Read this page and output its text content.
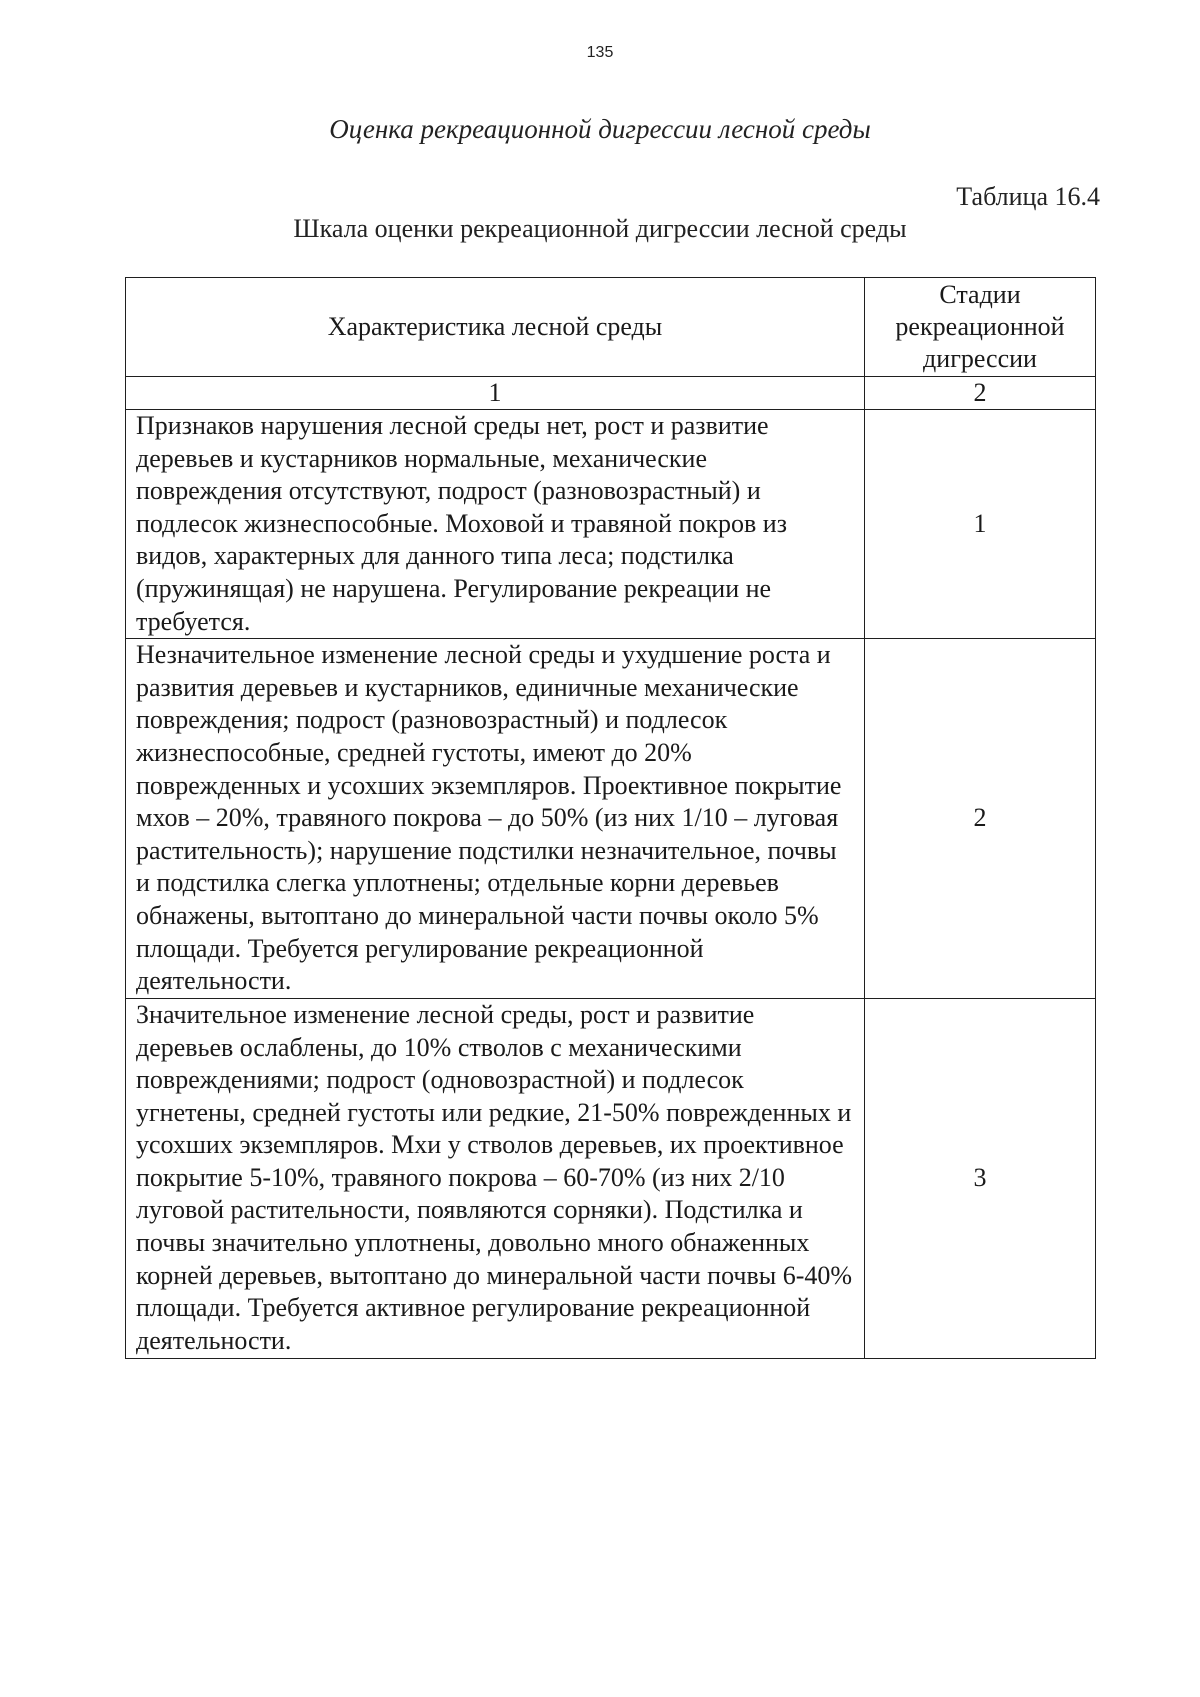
135
Оценка рекреационной дигрессии лесной среды
Таблица 16.4
Шкала оценки рекреационной дигрессии лесной среды
Характеристика лесной среды	Стадии рекреационной дигрессии
1	2
Признаков нарушения лесной среды нет, рост и развитие деревьев и кустарников нормальные, механические повреждения отсутствуют, подрост (разновозрастный) и подлесок жизнеспособные. Моховой и травяной покров из видов, характерных для данного типа леса; подстилка (пружинящая) не нарушена. Регулирование рекреации не требуется.	1
Незначительное изменение лесной среды и ухудшение роста и развития деревьев и кустарников, единичные механические повреждения; подрост (разновозрастный) и подлесок жизнеспособные, средней густоты, имеют до 20% поврежденных и усохших экземпляров. Проективное покрытие мхов – 20%, травяного покрова – до 50% (из них 1/10 – луговая растительность); нарушение подстилки незначительное, почвы и подстилка слегка уплотнены; отдельные корни деревьев обнажены, вытоптано до минеральной части почвы около 5% площади. Требуется регулирование рекреационной деятельности.	2
Значительное изменение лесной среды, рост и развитие деревьев ослаблены, до 10% стволов с механическими повреждениями; подрост (одновозрастной) и подлесок угнетены, средней густоты или редкие, 21-50% поврежденных и усохших экземпляров. Мхи у стволов деревьев, их проективное покрытие 5-10%, травяного покрова – 60-70% (из них 2/10 луговой растительности, появляются сорняки). Подстилка и почвы значительно уплотнены, довольно много обнаженных корней деревьев, вытоптано до минеральной части почвы 6-40% площади. Требуется активное регулирование рекреационной деятельности.	3
